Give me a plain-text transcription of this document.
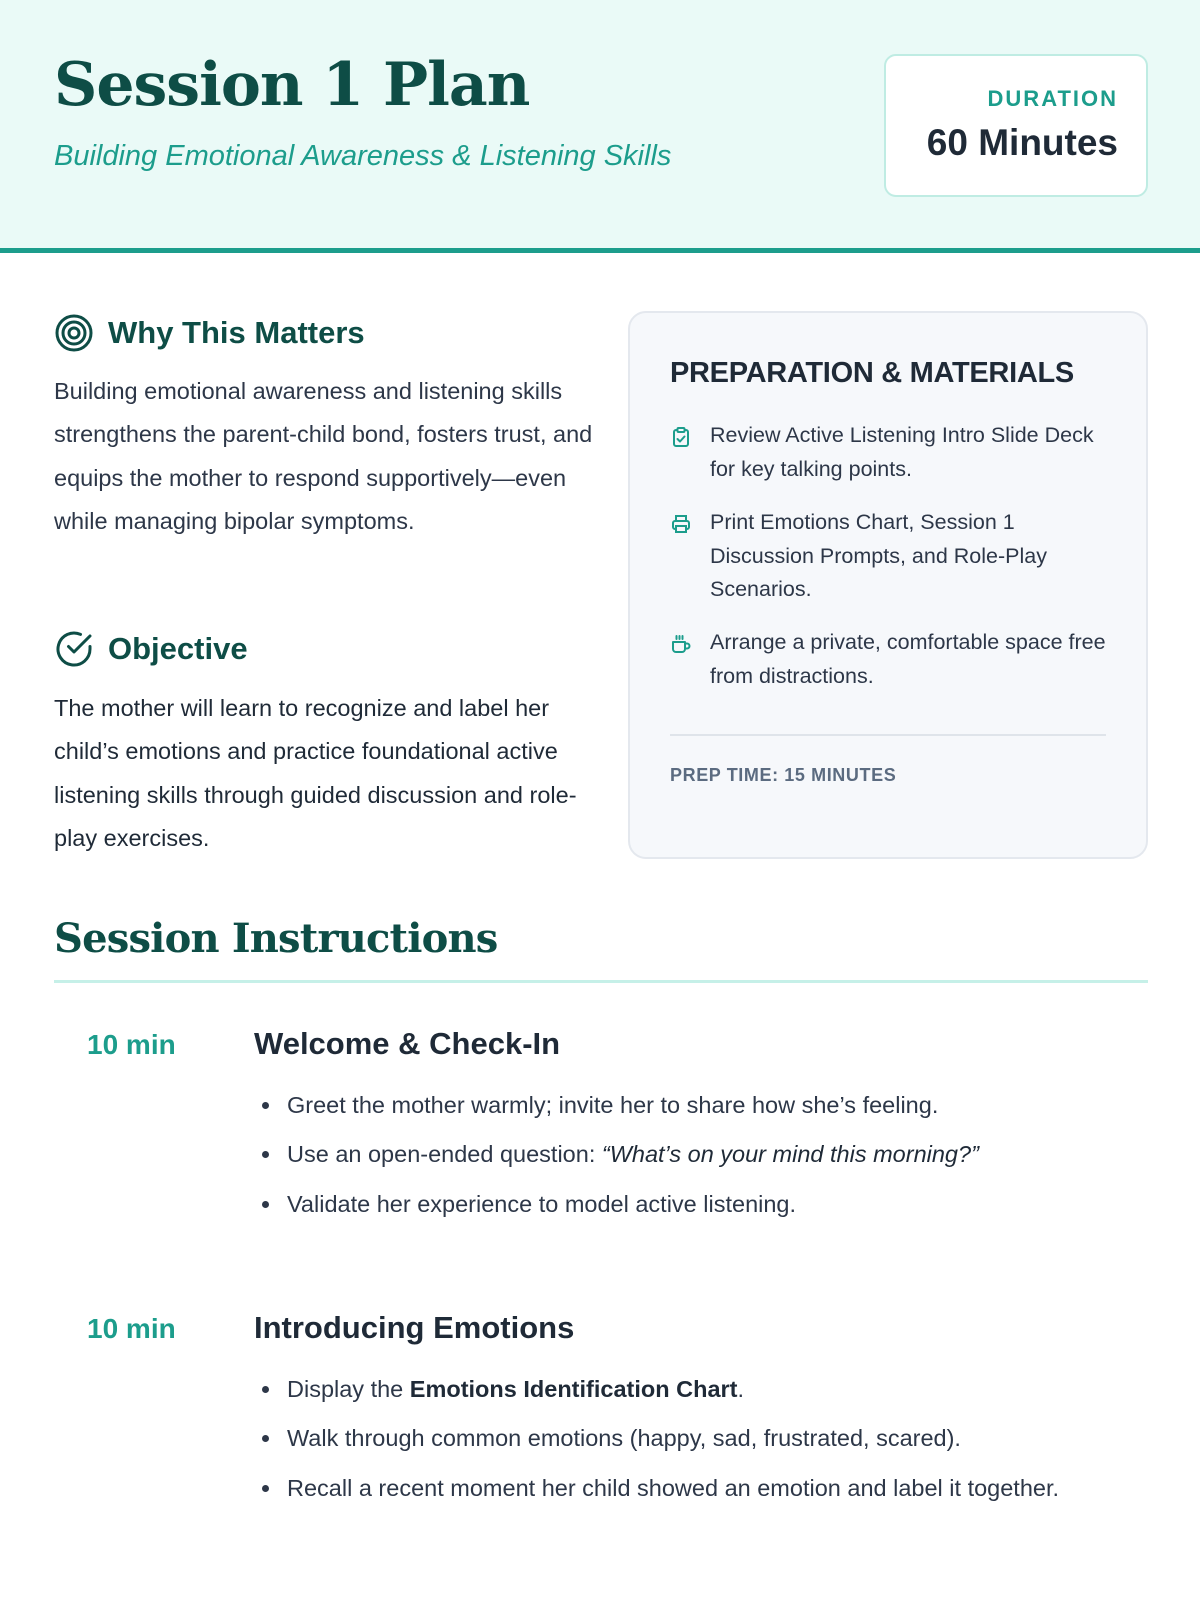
Session 1 Plan
Building Emotional Awareness & Listening Skills
DURATION
60 Minutes
Why This Matters

Building emotional awareness and listening skills strengthens the parent-child bond, fosters trust, and equips the mother to respond supportively—even while managing bipolar symptoms.

Objective

The mother will learn to recognize and label her child’s emotions and practice foundational active listening skills through guided discussion and role-play exercises.

PREPARATION & MATERIALS
Review Active Listening Intro Slide Deck for key talking points.
Print Emotions Chart, Session 1 Discussion Prompts, and Role-Play Scenarios.
Arrange a private, comfortable space free from distractions.
PREP TIME: 15 MINUTES
Session Instructions
10 min	Welcome & Check-In
Greet the mother warmly; invite her to share how she’s feeling.
Use an open-ended question: “What’s on your mind this morning?”
Validate her experience to model active listening.
10 min	Introducing Emotions
Display the Emotions Identification Chart.
Walk through common emotions (happy, sad, frustrated, scared).
Recall a recent moment her child showed an emotion and label it together.
